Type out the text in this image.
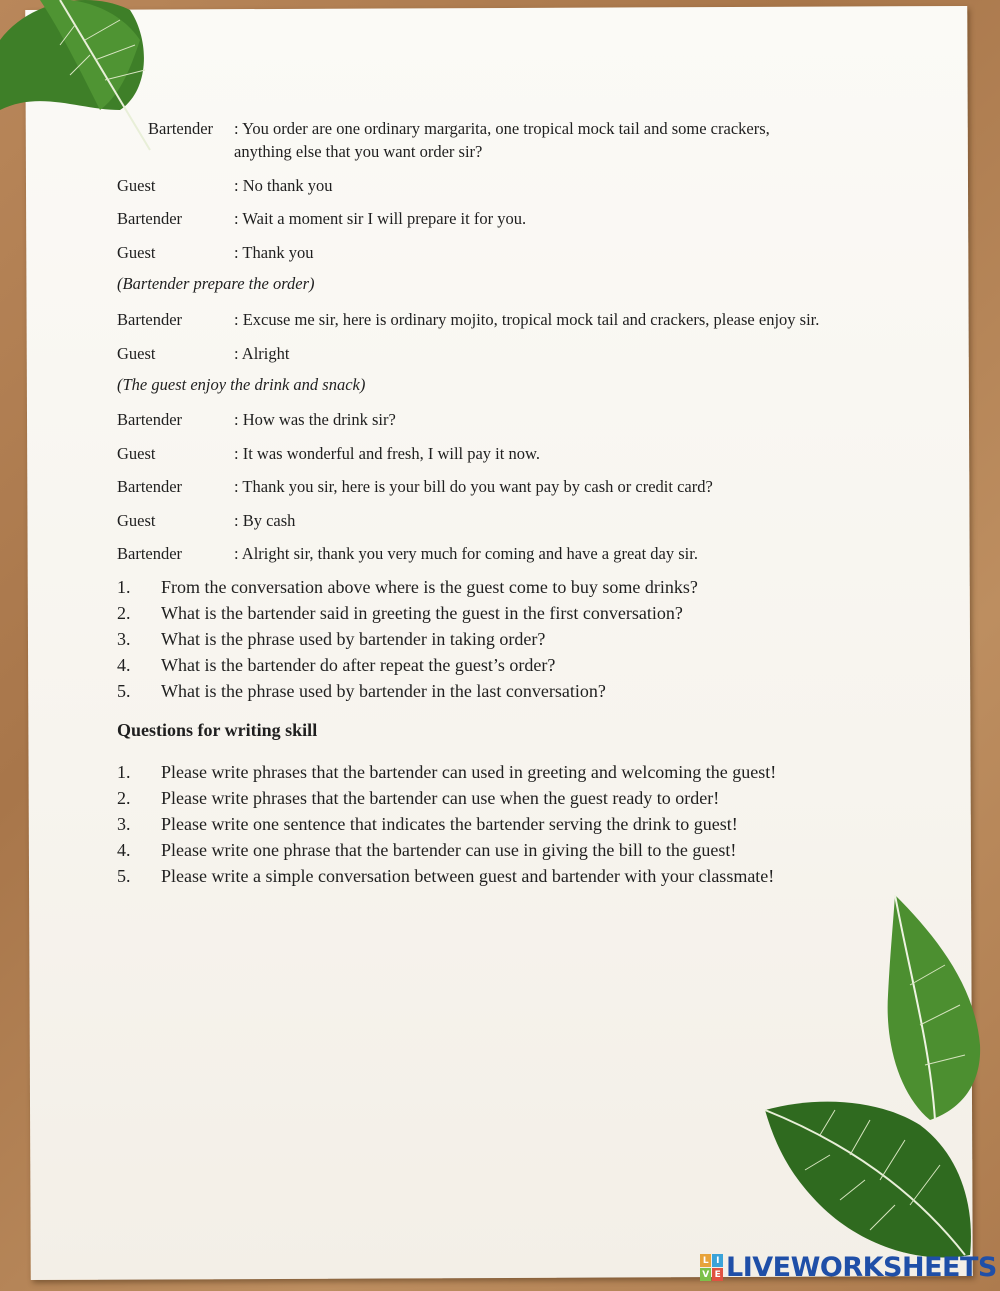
Bartender	: You order are one ordinary margarita, one tropical mock tail and some crackers,
anything else that you want order sir?
Guest	: No thank you
Bartender	: Wait a moment sir I will prepare it for you.
Guest	: Thank you
(Bartender prepare the order)
Bartender	: Excuse me sir, here is ordinary mojito, tropical mock tail and crackers, please enjoy sir.
Guest	: Alright
(The guest enjoy the drink and snack)
Bartender	: How was the drink sir?
Guest	: It was wonderful and fresh, I will pay it now.
Bartender	: Thank you sir, here is your bill do you want pay by cash or credit card?
Guest	: By cash
Bartender	: Alright sir, thank you very much for coming and have a great day sir.
1.	From the conversation above where is the guest come to buy some drinks?
2.	What is the bartender said in greeting the guest in the first conversation?
3.	What is the phrase used by bartender in taking order?
4.	What is the bartender do after repeat the guest’s order?
5.	What is the phrase used by bartender in the last conversation?
Questions for writing skill
1.	Please write phrases that the bartender can used in greeting and welcoming the guest!
2.	Please write phrases that the bartender can use when the guest ready to order!
3.	Please write one sentence that indicates the bartender serving the drink to guest!
4.	Please write one phrase that the bartender can use in giving the bill to the guest!
5.	Please write a simple conversation between guest and bartender with your classmate!
L I
V E LIVEWORKSHEETS
